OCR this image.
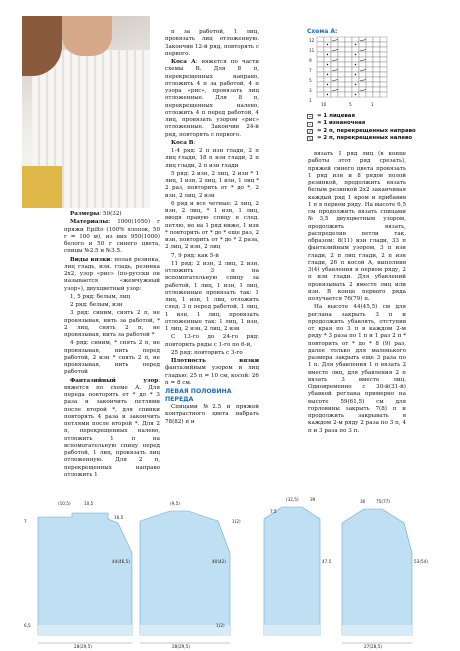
Размеры: 50(32)

Материалы: 1000(1050) г пряжи Ерilto (100% хлопок, 50 г = 100 м), из них 950(1000) белого и 50 г синего цвета, спицы №2.5 и №3.5.

Виды вязки: полая резинка, лиц гладь, изн. гладь, резинка 2х2, узор «рис» (по-русски он называется «жемчужный узор»), двухцветный узор:

1, 5 ряд: белым, лиц

2 ряд: белым, изн

3 ряд: синим, снять 2 п, не провязывая, нить за работой, * 2 лиц, снять 2 п, не провязывая, нить за работой *

4 ряд: синим, * снять 2 п, не провязывая, нить перед работой, 2 изн * снять 2 п, не провязывая, нить перед работой

Фантазийный узор: вяжется по схеме А. Для переда повторять от * до * 3 раза и закончить петлями после второй *, для спинки повторять 4 раза и закончить петлями после второй *. Для 2 п, перекрещенных налево, отложить 1 п на вспомогательную спицу перед работой, 1 лиц, провязать лиц отложенную. Для 2 п, перекрещенных направо отложить 1

п за работой, 1 лиц, провязать лиц отложенную. Закончив 12-й ряд, повторять с первого.

Коса А: вяжется по части схемы В. Для 8 п, перекрещенных направо, отложить 4 п за работой, 4 п узора «рис», провязать лиц отложенные. Для 8 п, перекрещенных налево, отложить 4 п перед работой, 4 лиц, провязать узором «рис» отложенные. Закончив 24-й ряд, повторять с первого.

Коса В:

1-4 ряд: 2 п изн глади, 2 п лиц глади, 18 п изн глади, 2 п лиц глади, 2 п изн глади

5 ряд: 2 изн, 2 лиц, 2 изн * 1 лиц, 1 изн, 2 лиц, 1 изн, 1 лиц * 2 раз, повторить от * до *, 2 изн, 2 лиц, 2 изн

6 ряд и все четные: 2 лиц, 2 изн, 2 лиц, * 1 изн, 1 лиц, вводя правую спицу в след. петлю, но на 1 ряд ниже, 1 изн * повторить от * до * еще раз, 2 изн, повторить от * до * 2 раза, 2 лиц, 2 изн, 2 лиц

7, 9 ряд: как 5-й

11 ряд: 2 изн, 2 лиц, 2 изн, отложить 3 п на вспомогательную спицу за работой, 1 лиц, 1 изн, 1 лиц, отложенные провязать так: 1 лиц, 1 изн, 1 лиц, отложить след. 3 п перед работой, 1 лиц, 1 изн, 1 лиц, провязать отложенные так: 1 лиц, 1 изн, 1 лиц, 2 изн, 2 лиц, 2 изн

С 13-го до 24-го ряд: повторить ряды с 1-го по 6-й,

25 ряд: повторить с 3-го

Плотность вязки фантазийным узором и лиц гладью: 25 п = 10 см, косой: 26 п = 8 см.

ЛЕВАЯ ПОЛОВИНА
ПЕРЕДА

Спицами №2.5 и пряжей контрастного цвета набрать 78(82) п и

Схема А:
12
11
9
7
5
3
1
10	5	1
− = 1 лицевая
·	= 1 изнаночная
⟋ = 2 п, перекрещенных направо
⟍ = 2 п, перекрещенных налево

вязать 1 ряд лиц (в конце работы этот ряд срезать), пряжей синего цвета провязать 1 ряд изн и 8 рядов полой резинкой, продолжить вязать белым резинкой 2х2 заканчивая каждый ряд 1 кром и прибавив 1 п в первом ряду. На высоте 6,5 см продолжить вязать спицами №3,5 двухцветным узором, продолжить вязать, распределив петли так, образом: 8(11) изн глади, 33 п фантазийным узором, 3 п изн глади, 2 п лиц глади, 2 п изн глади, 26 п косой А, выполнив 3(4) убавления в первом ряду, 2 п изн глади. Для убавлений провязывать 2 вместе лиц или изн. В конце первого ряда получается 76(79) п.

На высоте 44(45,5) см для регланa закрыть 3 п и продолжить убавлять, отступив от края по 3 п в каждом 2-м ряду * 3 раза по 1 п и 1 раз 2 п * повторить от * до * 8 (9) раз, далее только для маленького размера закрыть еще 3 раза по 1 п. Для убавления 1 п вязать 2 вместе лиц, для убавления 2 п вязать 3 вместе лиц. Одновременно с 30-й(31-й) убавкой реглана примерно на высоте 59(61,5) см для горловины закрыть 7(8) п и продолжить закрывать в каждом 2-м ряду 2 раза по 3 п, 4 п и 3 раза по 3 п.

(10,5)	10,5	(9,5)
(32,5)	39
7,5
30	75(77)
7
16,5
44(46,5)	40(42)
1(2)
47,5	53(54)
6,5	1(2)
28(29,5)	28(29,5)	27(28,5)
